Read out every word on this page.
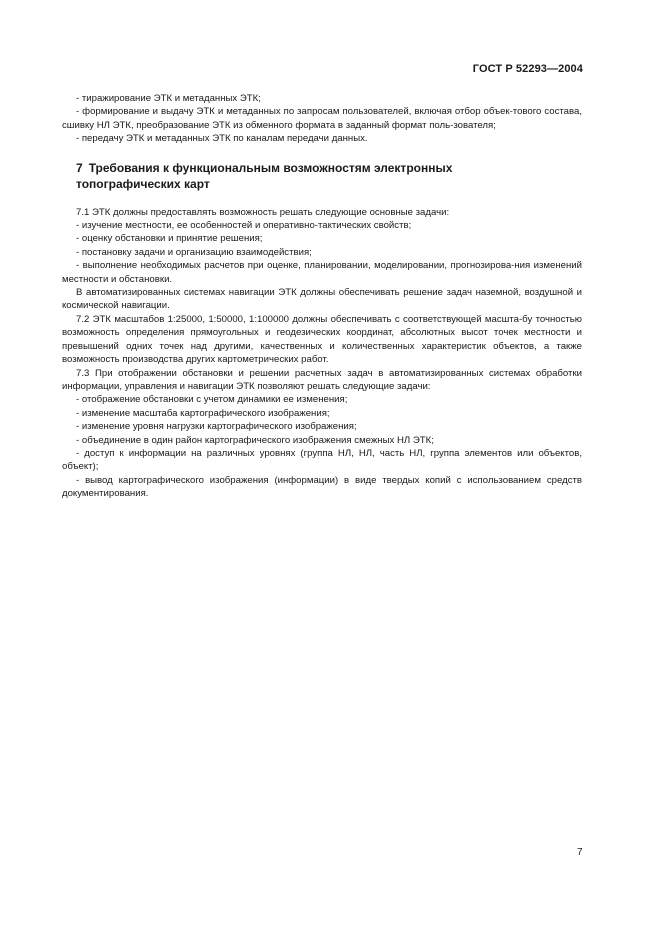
ГОСТ Р 52293—2004

- тиражирование ЭТК и метаданных ЭТК;

- формирование и выдачу ЭТК и метаданных по запросам пользователей, включая отбор объек-тового состава, сшивку НЛ ЭТК, преобразование ЭТК из обменного формата в заданный формат поль-зователя;

- передачу ЭТК и метаданных ЭТК по каналам передачи данных.

7 Требования к функциональным возможностям электронных
топографических карт

7.1 ЭТК должны предоставлять возможность решать следующие основные задачи:

- изучение местности, ее особенностей и оперативно-тактических свойств;

- оценку обстановки и принятие решения;

- постановку задачи и организацию взаимодействия;

- выполнение необходимых расчетов при оценке, планировании, моделировании, прогнозирова-ния изменений местности и обстановки.

В автоматизированных системах навигации ЭТК должны обеспечивать решение задач наземной, воздушной и космической навигации.

7.2 ЭТК масштабов 1:25000, 1:50000, 1:100000 должны обеспечивать с соответствующей масшта-бу точностью возможность определения прямоугольных и геодезических координат, абсолютных высот точек местности и превышений одних точек над другими, качественных и количественных характеристик объектов, а также возможность производства других картометрических работ.

7.3 При отображении обстановки и решении расчетных задач в автоматизированных системах обработки информации, управления и навигации ЭТК позволяют решать следующие задачи:

- отображение обстановки с учетом динамики ее изменения;

- изменение масштаба картографического изображения;

- изменение уровня нагрузки картографического изображения;

- объединение в один район картографического изображения смежных НЛ ЭТК;

- доступ к информации на различных уровнях (группа НЛ, НЛ, часть НЛ, группа элементов или объектов, объект);

- вывод картографического изображения (информации) в виде твердых копий с использованием средств документирования.

7
